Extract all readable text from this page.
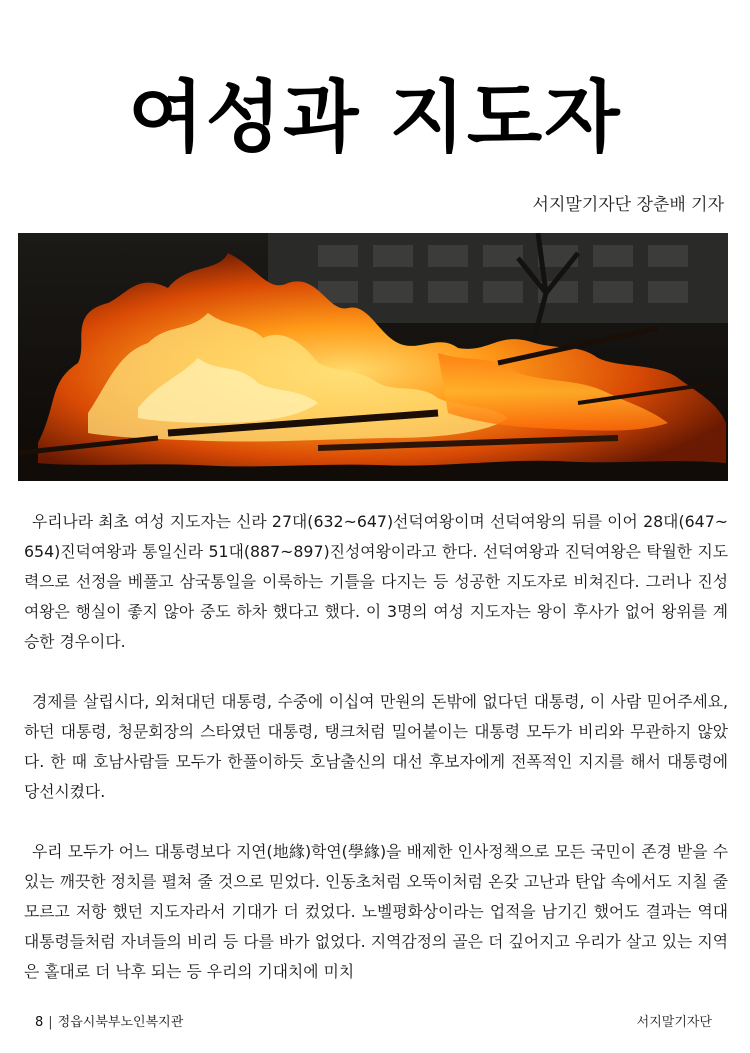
여성과 지도자
서지말기자단 장춘배 기자

우리나라 최초 여성 지도자는 신라 27대(632~647)선덕여왕이며 선덕여왕의 뒤를 이어 28대(647~654)진덕여왕과 통일신라 51대(887~897)진성여왕이라고 한다. 선덕여왕과 진덕여왕은 탁월한 지도력으로 선정을 베풀고 삼국통일을 이룩하는 기틀을 다지는 등 성공한 지도자로 비쳐진다. 그러나 진성여왕은 행실이 좋지 않아 중도 하차 했다고 했다. 이 3명의 여성 지도자는 왕이 후사가 없어 왕위를 계승한 경우이다.

경제를 살립시다, 외쳐대던 대통령, 수중에 이십여 만원의 돈밖에 없다던 대통령, 이 사람 믿어주세요, 하던 대통령, 청문회장의 스타였던 대통령, 탱크처럼 밀어붙이는 대통령 모두가 비리와 무관하지 않았다. 한 때 호남사람들 모두가 한풀이하듯 호남출신의 대선 후보자에게 전폭적인 지지를 해서 대통령에 당선시켰다.

우리 모두가 어느 대통령보다 지연(地緣)학연(學緣)을 배제한 인사정책으로 모든 국민이 존경 받을 수 있는 깨끗한 정치를 펼쳐 줄 것으로 믿었다. 인동초처럼 오뚝이처럼 온갖 고난과 탄압 속에서도 지칠 줄 모르고 저항 했던 지도자라서 기대가 더 컸었다. 노벨평화상이라는 업적을 남기긴 했어도 결과는 역대 대통령들처럼 자녀들의 비리 등 다를 바가 없었다. 지역감정의 골은 더 깊어지고 우리가 살고 있는 지역은 홀대로 더 낙후 되는 등 우리의 기대치에 미치

8 | 정읍시북부노인복지관	서지말기자단
